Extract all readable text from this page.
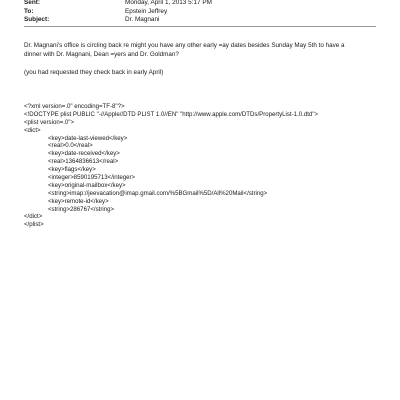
Sent:	Monday, April 1, 2013 5:17 PM
To:	Epstein Jeffrey
Subject:	Dr. Magnani
Dr. Magnani's office is circling back re might you have any other early =ay dates besides Sunday May 5th to have a
dinner with Dr. Magnani, Dean =yers and Dr. Goldman?
(you had requested they check back in early April)
<?xml version=.0" encoding=TF-8"?>
<!DOCTYPE plist PUBLIC "-//Apple//DTD PLIST 1.0//EN" "http://www.apple.com/DTDs/PropertyList-1.0.dtd">
<plist version=.0">
<dict>
<key>date-last-viewed</key>
<real>0.0</real>
<key>date-received</key>
<real>1364836613</real>
<key>flags</key>
<integer>8590195713</integer>
<key>original-mailbox</key>
<string>imap://jeevacation@imap.gmail.com/%5BGmail%5D/All%20Mail</string>
<key>remote-id</key>
<string>286767</string>
</dict>
</plist>
